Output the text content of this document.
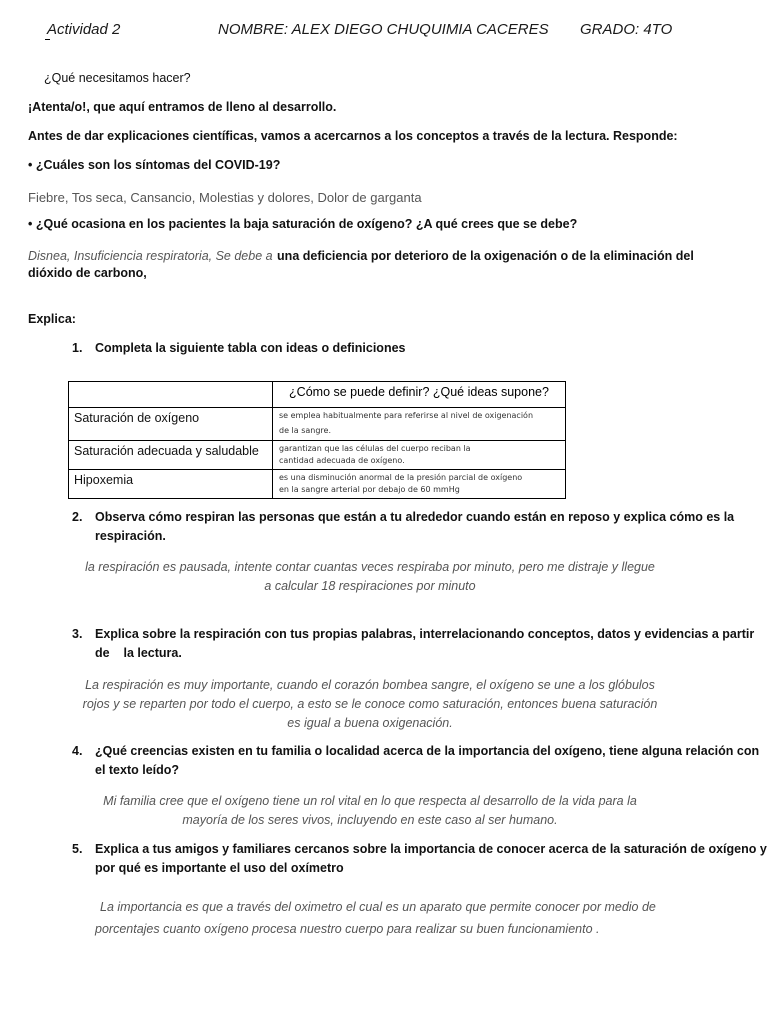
Actividad 2	NOMBRE: ALEX DIEGO CHUQUIMIA CACERES GRADO: 4TO
¿Qué necesitamos hacer?
¡Atenta/o!, que aquí entramos de lleno al desarrollo.
Antes de dar explicaciones científicas, vamos a acercarnos a los conceptos a través de la lectura. Responde:
• ¿Cuáles son los síntomas del COVID-19?
Fiebre, Tos seca, Cansancio, Molestias y dolores, Dolor de garganta
• ¿Qué ocasiona en los pacientes la baja saturación de oxígeno? ¿A qué crees que se debe?
Disnea, Insuficiencia respiratoria, Se debe a una deficiencia por deterioro de la oxigenación o de la eliminación del
dióxido de carbono,
Explica:
1. Completa la siguiente tabla con ideas o definiciones
	¿Cómo se puede definir? ¿Qué ideas supone?
Saturación de oxígeno	se emplea habitualmente para referirse al nivel de oxigenación
de la sangre.

Saturación adecuada y saludable	garantizan que las células del cuerpo reciban la
cantidad adecuada de oxígeno.

Hipoxemia	es una disminución anormal de la presión parcial de oxígeno
en la sangre arterial por debajo de 60 mmHg
2. Observa cómo respiran las personas que están a tu alrededor cuando están en reposo y explica cómo es la
respiración.
la respiración es pausada, intente contar cuantas veces respiraba por minuto, pero me distraje y llegue
a calcular 18 respiraciones por minuto
3. Explica sobre la respiración con tus propias palabras, interrelacionando conceptos, datos y evidencias a partir
de    la lectura.
La respiración es muy importante, cuando el corazón bombea sangre, el oxígeno se une a los glóbulos
rojos y se reparten por todo el cuerpo, a esto se le conoce como saturación, entonces buena saturación
es igual a buena oxigenación.
4. ¿Qué creencias existen en tu familia o localidad acerca de la importancia del oxígeno, tiene alguna relación con
el texto leído?
Mi familia cree que el oxígeno tiene un rol vital en lo que respecta al desarrollo de la vida para la
mayoría de los seres vivos, incluyendo en este caso al ser humano.
5. Explica a tus amigos y familiares cercanos sobre la importancia de conocer acerca de la saturación de oxígeno y
por qué es importante el uso del oxímetro
La importancia es que a través del oximetro el cual es un aparato que permite conocer por medio de
porcentajes cuanto oxígeno procesa nuestro cuerpo para realizar su buen funcionamiento .
